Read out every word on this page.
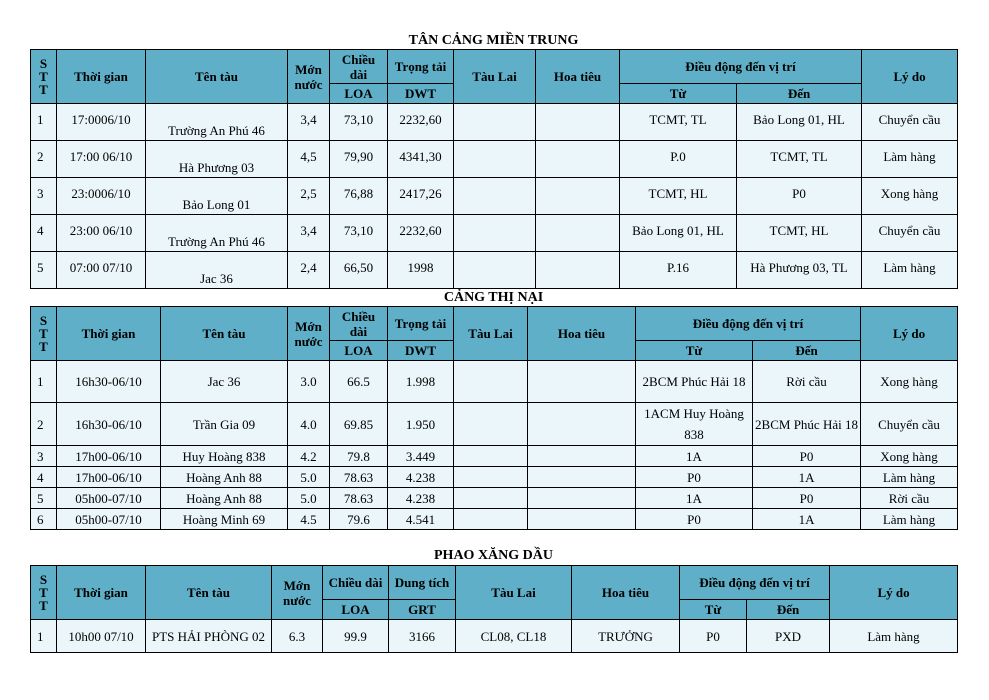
TÂN CẢNG MIỀN TRUNG
S
T
T	Thời gian	Tên tàu	Mớn nước	Chiều dài	Trọng tải	Tàu Lai	Hoa tiêu	Điều động đến vị trí		Lý do
				LOA	DWT			Từ	Đến	
1	17:0006/10	Trường An Phú 46	3,4	73,10	2232,60			TCMT, TL	Bảo Long 01, HL	Chuyển cầu
2	17:00 06/10	Hà Phương 03	4,5	79,90	4341,30			P.0	TCMT, TL	Làm hàng
3	23:0006/10	Bảo Long 01	2,5	76,88	2417,26			TCMT, HL	P0	Xong hàng
4	23:00 06/10	Trường An Phú 46	3,4	73,10	2232,60			Bảo Long 01, HL	TCMT, HL	Chuyển cầu
5	07:00 07/10	Jac 36	2,4	66,50	1998			P.16	Hà Phương 03, TL	Làm hàng
CẢNG THỊ NẠI
S
T
T	Thời gian	Tên tàu	Mớn nước	Chiều dài	Trọng tải	Tàu Lai	Hoa tiêu	Điều động đến vị trí		Lý do
				LOA	DWT			Từ	Đến	
1	16h30-06/10	Jac 36	3.0	66.5	1.998			2BCM Phúc Hải 18	Rời cầu	Xong hàng
2	16h30-06/10	Trần Gia 09	4.0	69.85	1.950			1ACM Huy Hoàng 838	2BCM Phúc Hải 18	Chuyển cầu
3	17h00-06/10	Huy Hoàng 838	4.2	79.8	3.449			1A	P0	Xong hàng
4	17h00-06/10	Hoàng Anh 88	5.0	78.63	4.238			P0	1A	Làm hàng
5	05h00-07/10	Hoàng Anh 88	5.0	78.63	4.238			1A	P0	Rời cầu
6	05h00-07/10	Hoàng Minh 69	4.5	79.6	4.541			P0	1A	Làm hàng
PHAO XĂNG DẦU
S
T
T	Thời gian	Tên tàu	Mớn nước	Chiều dài	Dung tích	Tàu Lai	Hoa tiêu	Điều động đến vị trí		Lý do
				LOA	GRT			Từ	Đến	
1	10h00 07/10	PTS HẢI PHÒNG 02	6.3	99.9	3166	CL08, CL18	TRƯỞNG	P0	PXD	Làm hàng
